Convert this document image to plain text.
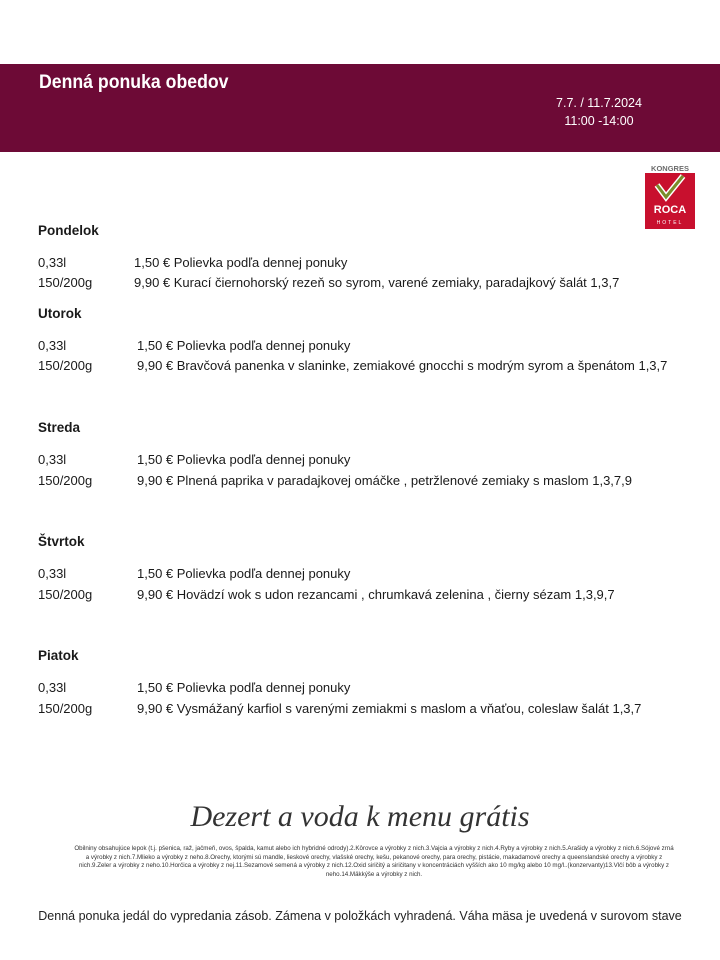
Denná ponuka obedov
7.7. / 11.7.2024
11:00 -14:00
KONGRES
ROCA
HOTEL
Pondelok
0,33l	1,50 € Polievka podľa dennej ponuky
150/200g	9,90 € Kurací čiernohorský rezeň so syrom, varené zemiaky, paradajkový šalát 1,3,7
Utorok
0,33l	1,50 € Polievka podľa dennej ponuky
150/200g	9,90 € Bravčová panenka v slaninke, zemiakové gnocchi s modrým syrom a špenátom 1,3,7
Streda
0,33l	1,50 € Polievka podľa dennej ponuky
150/200g	9,90 € Plnená paprika v paradajkovej omáčke , petržlenové zemiaky s maslom 1,3,7,9
Štvrtok
0,33l	1,50 € Polievka podľa dennej ponuky
150/200g	9,90 € Hovädzí wok s udon rezancami , chrumkavá zelenina , čierny sézam 1,3,9,7
Piatok
0,33l	1,50 € Polievka podľa dennej ponuky
150/200g	9,90 € Vysmážaný karfiol s varenými zemiakmi s maslom a vňaťou, coleslaw šalát 1,3,7
Dezert a voda k menu grátis
Obilniny obsahujúce lepok (t.j. pšenica, raž, jačmeň, ovos, špalda, kamut alebo ich hybridné odrody).2.Kôrovce a výrobky z nich.3.Vajcia a výrobky z nich.4.Ryby a výrobky z nich.5.Arašidy a výrobky z nich.6.Sójové zrná a výrobky z nich.7.Mlieko a výrobky z neho.8.Orechy, ktorými sú mandle, lieskové orechy, vlašské orechy, kešu, pekanové orechy, para orechy, pistácie, makadamové orechy a queenslandské orechy a výrobky z nich.9.Zeler a výrobky z neho.10.Horčica a výrobky z nej.11.Sezamové semená a výrobky z nich.12.Oxid siričitý a siričitany v koncentráciách vyšších ako 10 mg/kg alebo 10 mg/l..(konzervanty)13.Vlčí bôb a výrobky z neho.14.Mäkkýše a výrobky z nich.
Denná ponuka jedál do vypredania zásob. Zámena v položkách vyhradená. Váha mäsa je uvedená v surovom stave
